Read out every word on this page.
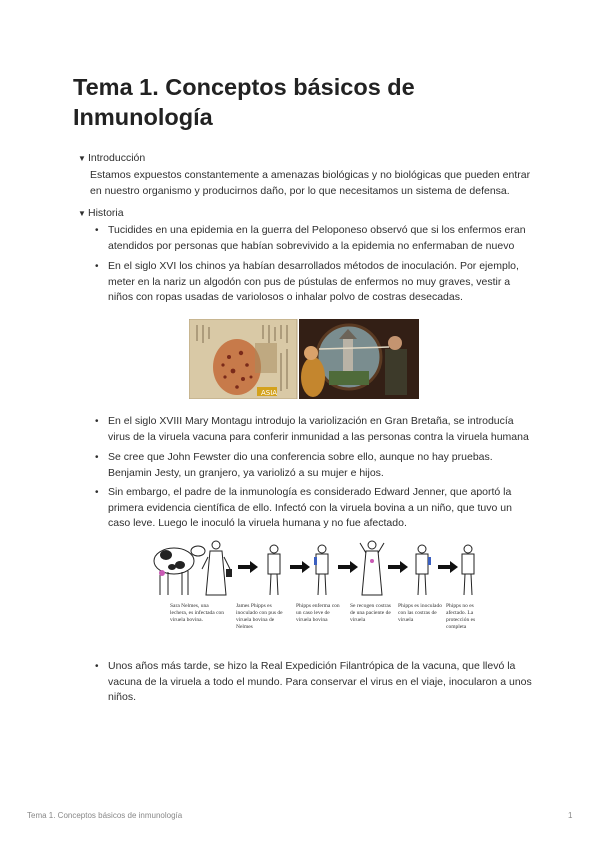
Tema 1. Conceptos básicos de Inmunología
▼ Introducción

Estamos expuestos constantemente a amenazas biológicas y no biológicas que pueden entrar en nuestro organismo y producirnos daño, por lo que necesitamos un sistema de defensa.

▼ Historia
• Tucidides en una epidemia en la guerra del Peloponeso observó que si los enfermos eran atendidos por personas que habían sobrevivido a la epidemia no enfermaban de nuevo
• En el siglo XVI los chinos ya habían desarrollados métodos de inoculación. Por ejemplo, meter en la nariz un algodón con pus de pústulas de enfermos no muy graves, vestir a niños con ropas usadas de variolosos o inhalar polvo de costras desecadas.
ASIA
• En el siglo XVIII Mary Montagu introdujo la variolización en Gran Bretaña, se introducía virus de la viruela vacuna para conferir inmunidad a las personas contra la viruela humana
• Se cree que John Fewster dio una conferencia sobre ello, aunque no hay pruebas. Benjamin Jesty, un granjero, ya variolizó a su mujer e hijos.
• Sin embargo, el padre de la inmunología es considerado Edward Jenner, que aportó la primera evidencia científica de ello. Infectó con la viruela bovina a un niño, que tuvo un caso leve. Luego le inoculó la viruela humana y no fue afectado.
Sara Nelmes, una lechera, es infectada con viruela bovina.
James Phipps es inoculado con pus de viruela bovina de Nelmes
Phipps enferma con un caso leve de viruela bovina
Se recogen costras de una paciente de viruela
Phipps es inoculado con las costras de viruela
Phipps no es afectado. La protección es completa
• Unos años más tarde, se hizo la Real Expedición Filantrópica de la vacuna, que llevó la vacuna de la viruela a todo el mundo. Para conservar el virus en el viaje, inocularon a unos niños.
Tema 1. Conceptos básicos de inmunología	1
